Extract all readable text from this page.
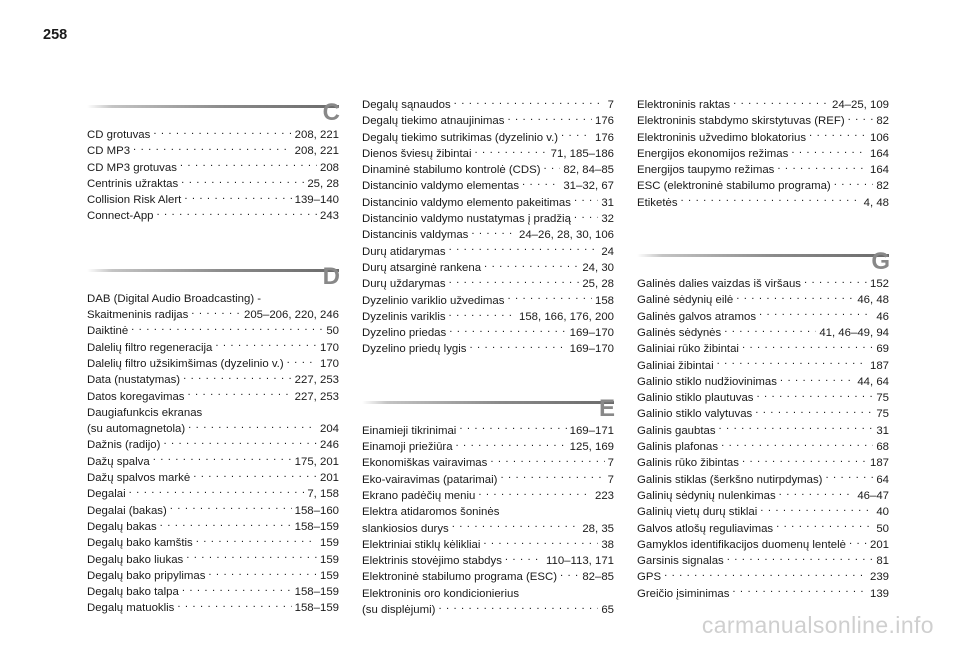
258
C
CD grotuvas . . .	208, 221
CD MP3 . . .	208, 221
CD MP3 grotuvas . . .	208
Centrinis užraktas . . .	25, 28
Collision Risk Alert . . .	139–140
Connect-App . . .	243
D
DAB (Digital Audio Broadcasting) -
Skaitmeninis radijas . . .	205–206, 220, 246
Daiktinė . . .	50
Dalelių filtro regeneracija . . .	170
Dalelių filtro užsikimšimas (dyzelinio v.) . . .	170
Data (nustatymas) . . .	227, 253
Datos koregavimas . . .	227, 253
Daugiafunkcis ekranas
(su automagnetola) . . .	204
Dažnis (radijo) . . .	246
Dažų spalva . . .	175, 201
Dažų spalvos markė . . .	201
Degalai . . .	7, 158
Degalai (bakas) . . .	158–160
Degalų bakas . . .	158–159
Degalų bako kamštis . . .	159
Degalų bako liukas . . .	159
Degalų bako pripylimas . . .	159
Degalų bako talpa . . .	158–159
Degalų matuoklis . . .	158–159
Degalų sąnaudos . . .	7
Degalų tiekimo atnaujinimas . . .	176
Degalų tiekimo sutrikimas (dyzelinio v.) . . .	176
Dienos šviesų žibintai . . .	71, 185–186
Dinaminė stabilumo kontrolė (CDS) . . . 82, 84–85
Distancinio valdymo elementas . . .	31–32, 67
Distancinio valdymo elemento pakeitimas . . .	31
Distancinio valdymo nustatymas į pradžią . . .	32
Distancinis valdymas . . .	24–26, 28, 30, 106
Durų atidarymas . . .	24
Durų atsarginė rankena . . .	24, 30
Durų uždarymas . . .	25, 28
Dyzelinio variklio užvedimas . . .	158
Dyzelinis variklis . . .	158, 166, 176, 200
Dyzelino priedas . . .	169–170
Dyzelino priedų lygis . . .	169–170
E
Einamieji tikrinimai . . .	169–171
Einamoji priežiūra . . .	125, 169
Ekonomiškas vairavimas . . .	7
Eko-vairavimas (patarimai) . . .	7
Ekrano padėčių meniu . . .	223
Elektra atidaromos šoninės
slankiosios durys . . .	28, 35
Elektriniai stiklų kėlikliai . . .	38
Elektrinis stovėjimo stabdys . . .	110–113, 171
Elektroninė stabilumo programa (ESC) . . . 82–85
Elektroninis oro kondicionierius
(su displėjumi) . . .	65
Elektroninis raktas . . .	24–25, 109
Elektroninis stabdymo skirstytuvas (REF) . . .	82
Elektroninis užvedimo blokatorius . . .	106
Energijos ekonomijos režimas . . .	164
Energijos taupymo režimas . . .	164
ESC (elektroninė stabilumo programa) . . .	82
Etiketės . . .	4, 48
G
Galinės dalies vaizdas iš viršaus . . .	152
Galinė sėdynių eilė . . .	46, 48
Galinės galvos atramos . . .	46
Galinės sėdynės . . .	41, 46–49, 94
Galiniai rūko žibintai . . .	69
Galiniai žibintai . . .	187
Galinio stiklo nudžiovinimas . . .	44, 64
Galinio stiklo plautuvas . . .	75
Galinio stiklo valytuvas . . .	75
Galinis gaubtas . . .	31
Galinis plafonas . . .	68
Galinis rūko žibintas . . .	187
Galinis stiklas (šerkšno nutirpdymas) . . .	64
Galinių sėdynių nulenkimas . . .	46–47
Galinių vietų durų stiklai . . .	40
Galvos atlošų reguliavimas . . .	50
Gamyklos identifikacijos duomenų lentelė . . . 201
Garsinis signalas . . .	81
GPS . . .	239
Greičio įsiminimas . . .	139
carmanualsonline.info
